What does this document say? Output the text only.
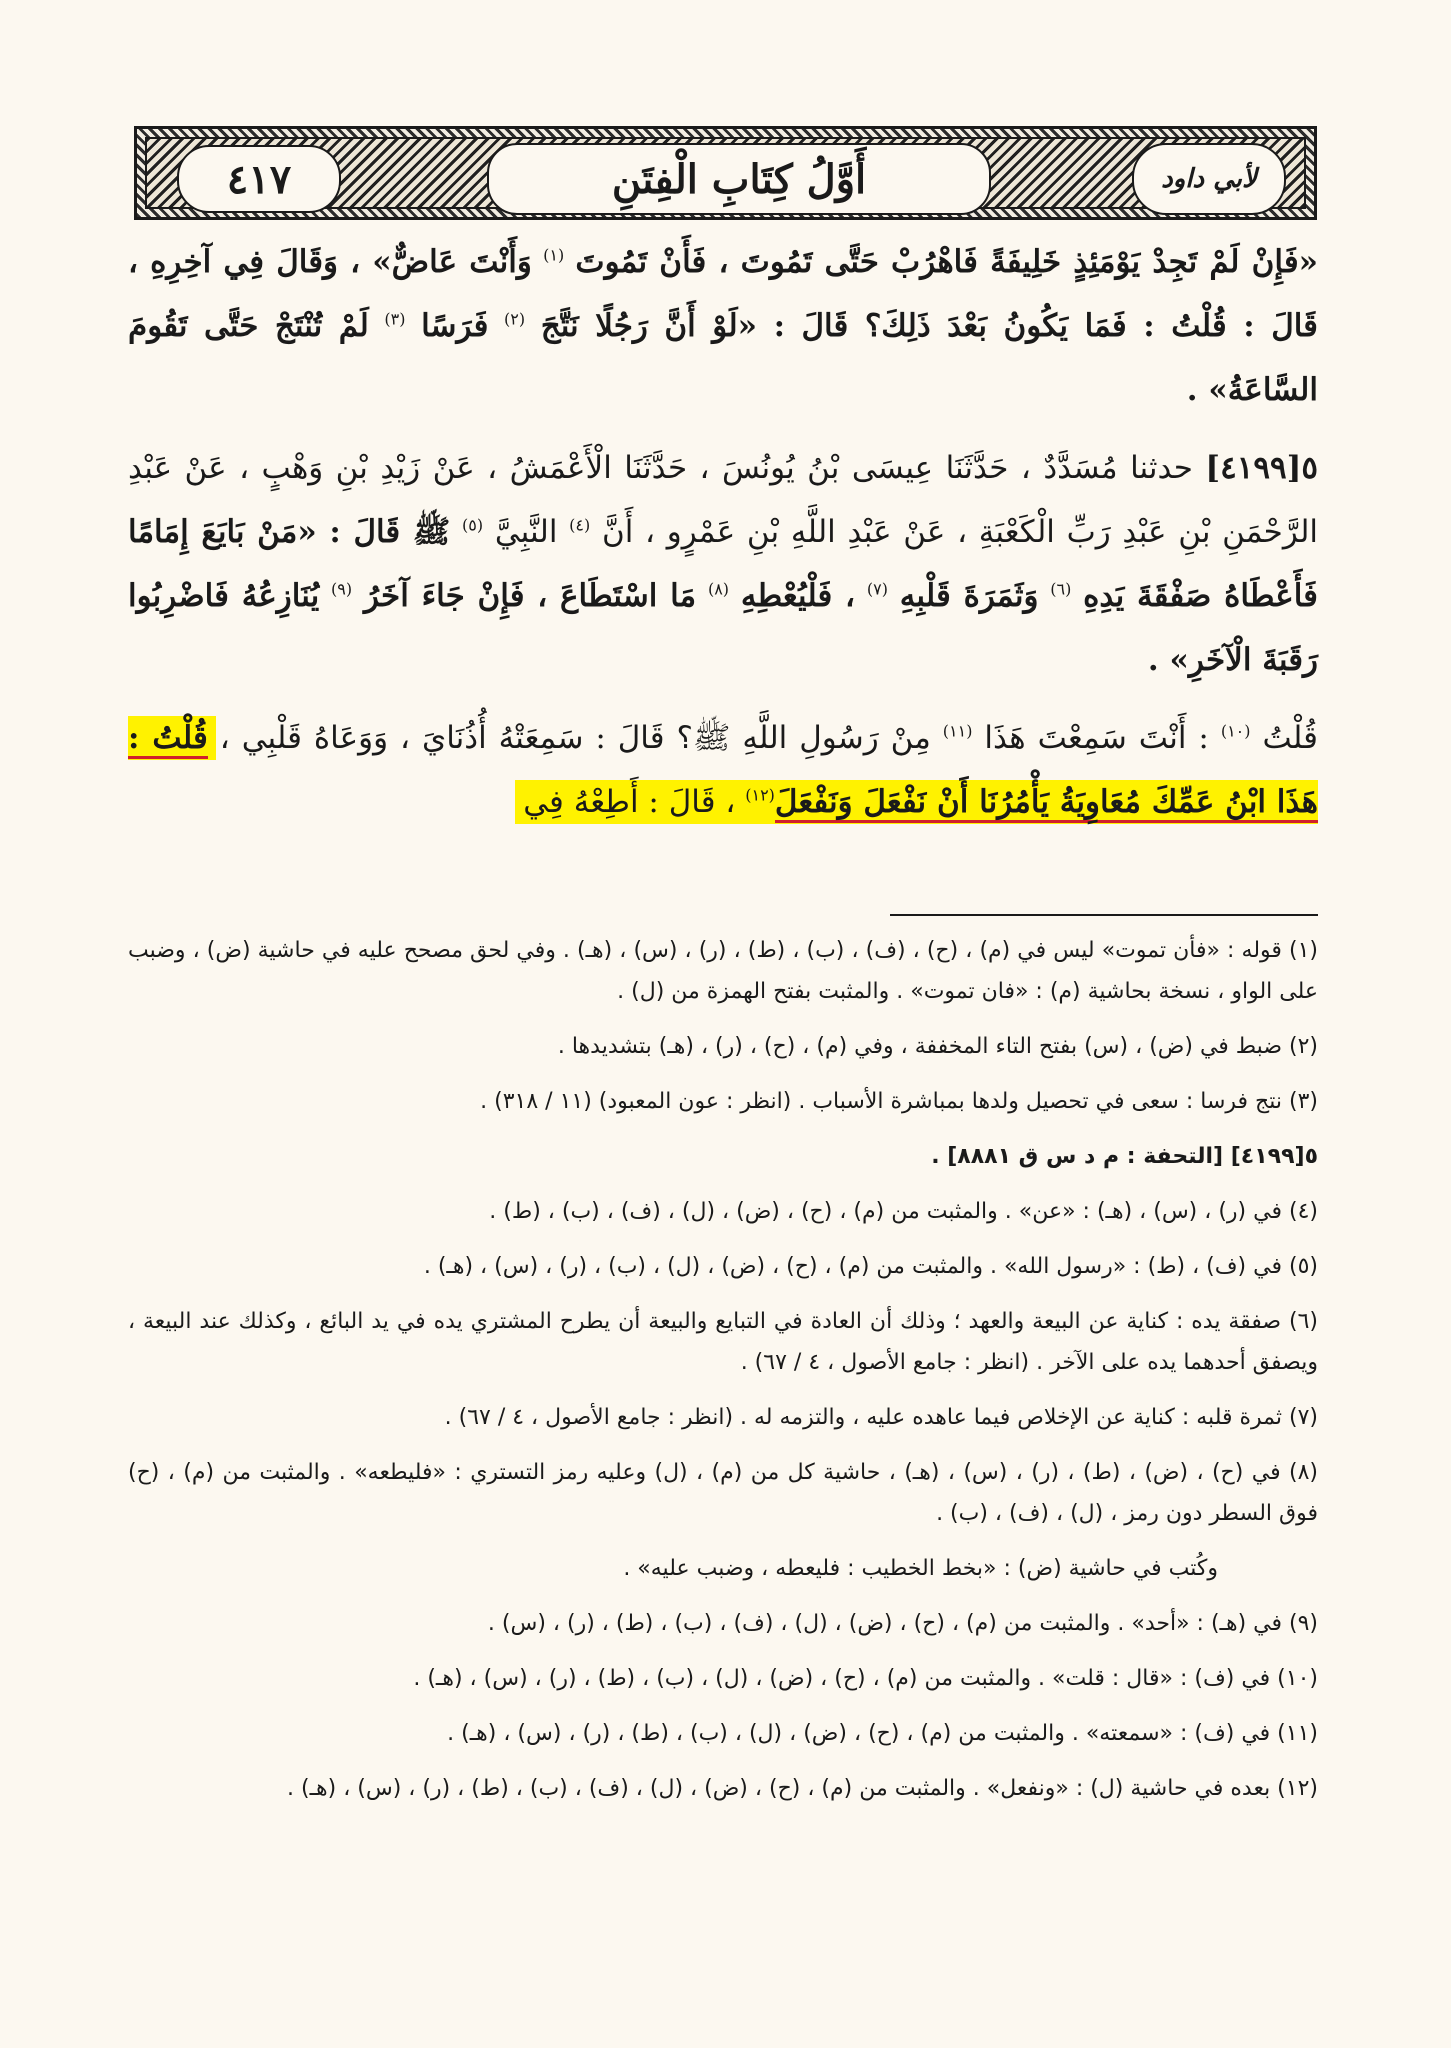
٤١٧	أَوَّلُ كِتَابِ الْفِتَنِ	لأبي داود

«فَإِنْ لَمْ تَجِدْ يَوْمَئِذٍ خَلِيفَةً فَاهْرُبْ حَتَّى تَمُوتَ ، فَأَنْ تَمُوتَ $^{(١)}$ وَأَنْتَ عَاضٌّ» ، وَقَالَ فِي آخِرِهِ ، قَالَ : قُلْتُ : فَمَا يَكُونُ بَعْدَ ذَلِكَ؟ قَالَ : «لَوْ أَنَّ رَجُلًا نَتَّجَ $^{(٢)}$ فَرَسًا $^{(٣)}$ لَمْ تُنْتَجْ حَتَّى تَقُومَ السَّاعَةُ» .

٥[٤١٩٩] حدثنا مُسَدَّدٌ ، حَدَّثَنَا عِيسَى بْنُ يُونُسَ ، حَدَّثَنَا الْأَعْمَشُ ، عَنْ زَيْدِ بْنِ وَهْبٍ ، عَنْ عَبْدِ الرَّحْمَنِ بْنِ عَبْدِ رَبِّ الْكَعْبَةِ ، عَنْ عَبْدِ اللَّهِ بْنِ عَمْرٍو ، أَنَّ $^{(٤)}$ النَّبِيَّ $^{(٥)}$ ﷺ قَالَ : «مَنْ بَايَعَ إِمَامًا فَأَعْطَاهُ صَفْقَةَ يَدِهِ $^{(٦)}$ وَثَمَرَةَ قَلْبِهِ $^{(٧)}$ ، فَلْيُعْطِهِ $^{(٨)}$ مَا اسْتَطَاعَ ، فَإِنْ جَاءَ آخَرُ $^{(٩)}$ يُنَازِعُهُ فَاضْرِبُوا رَقَبَةَ الْآخَرِ» .

قُلْتُ $^{(١٠)}$ : أَنْتَ سَمِعْتَ هَذَا $^{(١١)}$ مِنْ رَسُولِ اللَّهِ ﷺ؟ قَالَ : سَمِعَتْهُ أُذُنَايَ ، وَوَعَاهُ قَلْبِي ، قُلْتُ : هَذَا ابْنُ عَمِّكَ مُعَاوِيَةُ يَأْمُرُنَا أَنْ نَفْعَلَ وَنَفْعَلَ$^{(١٢)}$ ، قَالَ : أَطِعْهُ فِي

(١) قوله : «فأن تموت» ليس في (م) ، (ح) ، (ف) ، (ب) ، (ط) ، (ر) ، (س) ، (هـ) . وفي لحق مصحح عليه في حاشية (ض) ، وضبب على الواو ، نسخة بحاشية (م) : «فان تموت» . والمثبت بفتح الهمزة من (ل) .

(٢) ضبط في (ض) ، (س) بفتح التاء المخففة ، وفي (م) ، (ح) ، (ر) ، (هـ) بتشديدها .

(٣) نتج فرسا : سعى في تحصيل ولدها بمباشرة الأسباب . (انظر : عون المعبود) (١١ / ٣١٨) .

٥[٤١٩٩] [التحفة : م د س ق ٨٨٨١] .

(٤) في (ر) ، (س) ، (هـ) : «عن» . والمثبت من (م) ، (ح) ، (ض) ، (ل) ، (ف) ، (ب) ، (ط) .

(٥) في (ف) ، (ط) : «رسول الله» . والمثبت من (م) ، (ح) ، (ض) ، (ل) ، (ب) ، (ر) ، (س) ، (هـ) .

(٦) صفقة يده : كناية عن البيعة والعهد ؛ وذلك أن العادة في التبايع والبيعة أن يطرح المشتري يده في يد البائع ، وكذلك عند البيعة ، ويصفق أحدهما يده على الآخر . (انظر : جامع الأصول ، ٤ / ٦٧) .

(٧) ثمرة قلبه : كناية عن الإخلاص فيما عاهده عليه ، والتزمه له . (انظر : جامع الأصول ، ٤ / ٦٧) .

(٨) في (ح) ، (ض) ، (ط) ، (ر) ، (س) ، (هـ) ، حاشية كل من (م) ، (ل) وعليه رمز التستري : «فليطعه» . والمثبت من (م) ، (ح) فوق السطر دون رمز ، (ل) ، (ف) ، (ب) .

وكُتب في حاشية (ض) : «بخط الخطيب : فليعطه ، وضبب عليه» .

(٩) في (هـ) : «أحد» . والمثبت من (م) ، (ح) ، (ض) ، (ل) ، (ف) ، (ب) ، (ط) ، (ر) ، (س) .

(١٠) في (ف) : «قال : قلت» . والمثبت من (م) ، (ح) ، (ض) ، (ل) ، (ب) ، (ط) ، (ر) ، (س) ، (هـ) .

(١١) في (ف) : «سمعته» . والمثبت من (م) ، (ح) ، (ض) ، (ل) ، (ب) ، (ط) ، (ر) ، (س) ، (هـ) .

(١٢) بعده في حاشية (ل) : «ونفعل» . والمثبت من (م) ، (ح) ، (ض) ، (ل) ، (ف) ، (ب) ، (ط) ، (ر) ، (س) ، (هـ) .
